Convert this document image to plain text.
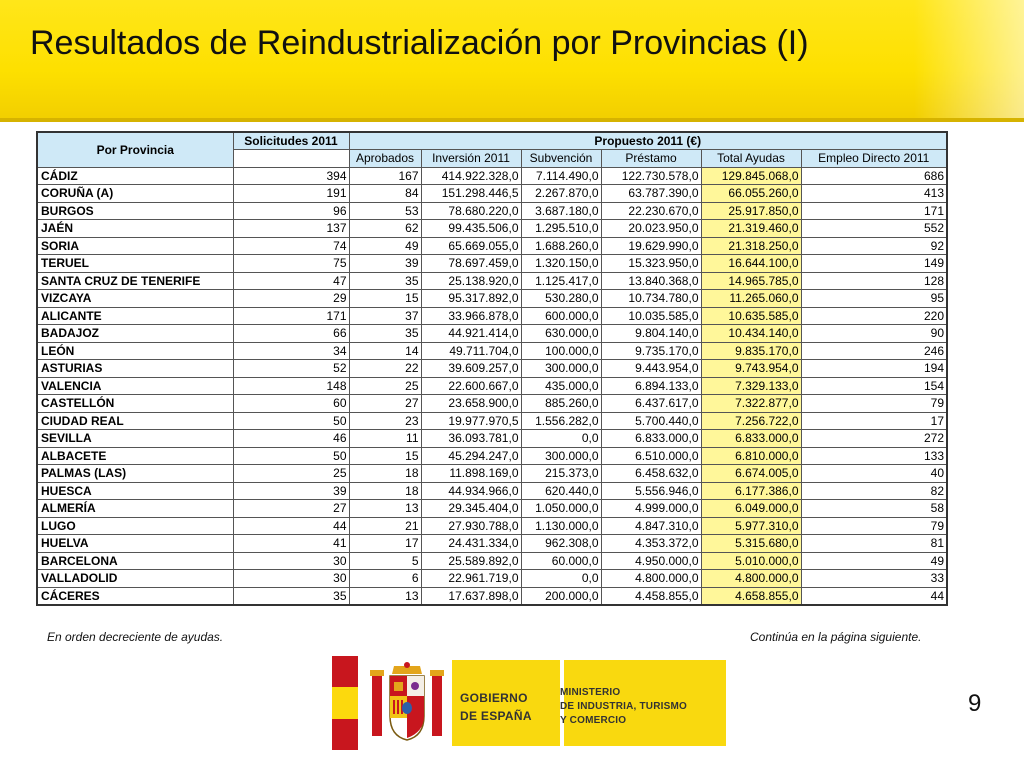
Resultados de Reindustrialización por Provincias (I)
Por Provincia	Solicitudes 2011	Propuesto 2011 (€)					
		Aprobados	Inversión 2011	Subvención	Préstamo	Total Ayudas	Empleo Directo 2011
CÁDIZ	394	167	414.922.328,0	7.114.490,0	122.730.578,0	129.845.068,0	686
CORUÑA (A)	191	84	151.298.446,5	2.267.870,0	63.787.390,0	66.055.260,0	413
BURGOS	96	53	78.680.220,0	3.687.180,0	22.230.670,0	25.917.850,0	171
JAÉN	137	62	99.435.506,0	1.295.510,0	20.023.950,0	21.319.460,0	552
SORIA	74	49	65.669.055,0	1.688.260,0	19.629.990,0	21.318.250,0	92
TERUEL	75	39	78.697.459,0	1.320.150,0	15.323.950,0	16.644.100,0	149
SANTA CRUZ DE TENERIFE	47	35	25.138.920,0	1.125.417,0	13.840.368,0	14.965.785,0	128
VIZCAYA	29	15	95.317.892,0	530.280,0	10.734.780,0	11.265.060,0	95
ALICANTE	171	37	33.966.878,0	600.000,0	10.035.585,0	10.635.585,0	220
BADAJOZ	66	35	44.921.414,0	630.000,0	9.804.140,0	10.434.140,0	90
LEÓN	34	14	49.711.704,0	100.000,0	9.735.170,0	9.835.170,0	246
ASTURIAS	52	22	39.609.257,0	300.000,0	9.443.954,0	9.743.954,0	194
VALENCIA	148	25	22.600.667,0	435.000,0	6.894.133,0	7.329.133,0	154
CASTELLÓN	60	27	23.658.900,0	885.260,0	6.437.617,0	7.322.877,0	79
CIUDAD REAL	50	23	19.977.970,5	1.556.282,0	5.700.440,0	7.256.722,0	17
SEVILLA	46	11	36.093.781,0	0,0	6.833.000,0	6.833.000,0	272
ALBACETE	50	15	45.294.247,0	300.000,0	6.510.000,0	6.810.000,0	133
PALMAS (LAS)	25	18	11.898.169,0	215.373,0	6.458.632,0	6.674.005,0	40
HUESCA	39	18	44.934.966,0	620.440,0	5.556.946,0	6.177.386,0	82
ALMERÍA	27	13	29.345.404,0	1.050.000,0	4.999.000,0	6.049.000,0	58
LUGO	44	21	27.930.788,0	1.130.000,0	4.847.310,0	5.977.310,0	79
HUELVA	41	17	24.431.334,0	962.308,0	4.353.372,0	5.315.680,0	81
BARCELONA	30	5	25.589.892,0	60.000,0	4.950.000,0	5.010.000,0	49
VALLADOLID	30	6	22.961.719,0	0,0	4.800.000,0	4.800.000,0	33
CÁCERES	35	13	17.637.898,0	200.000,0	4.458.855,0	4.658.855,0	44
En orden decreciente de ayudas.	Continúa en la página siguiente.
GOBIERNO
DE ESPAÑA
MINISTERIO
DE INDUSTRIA, TURISMO
Y COMERCIO
9
